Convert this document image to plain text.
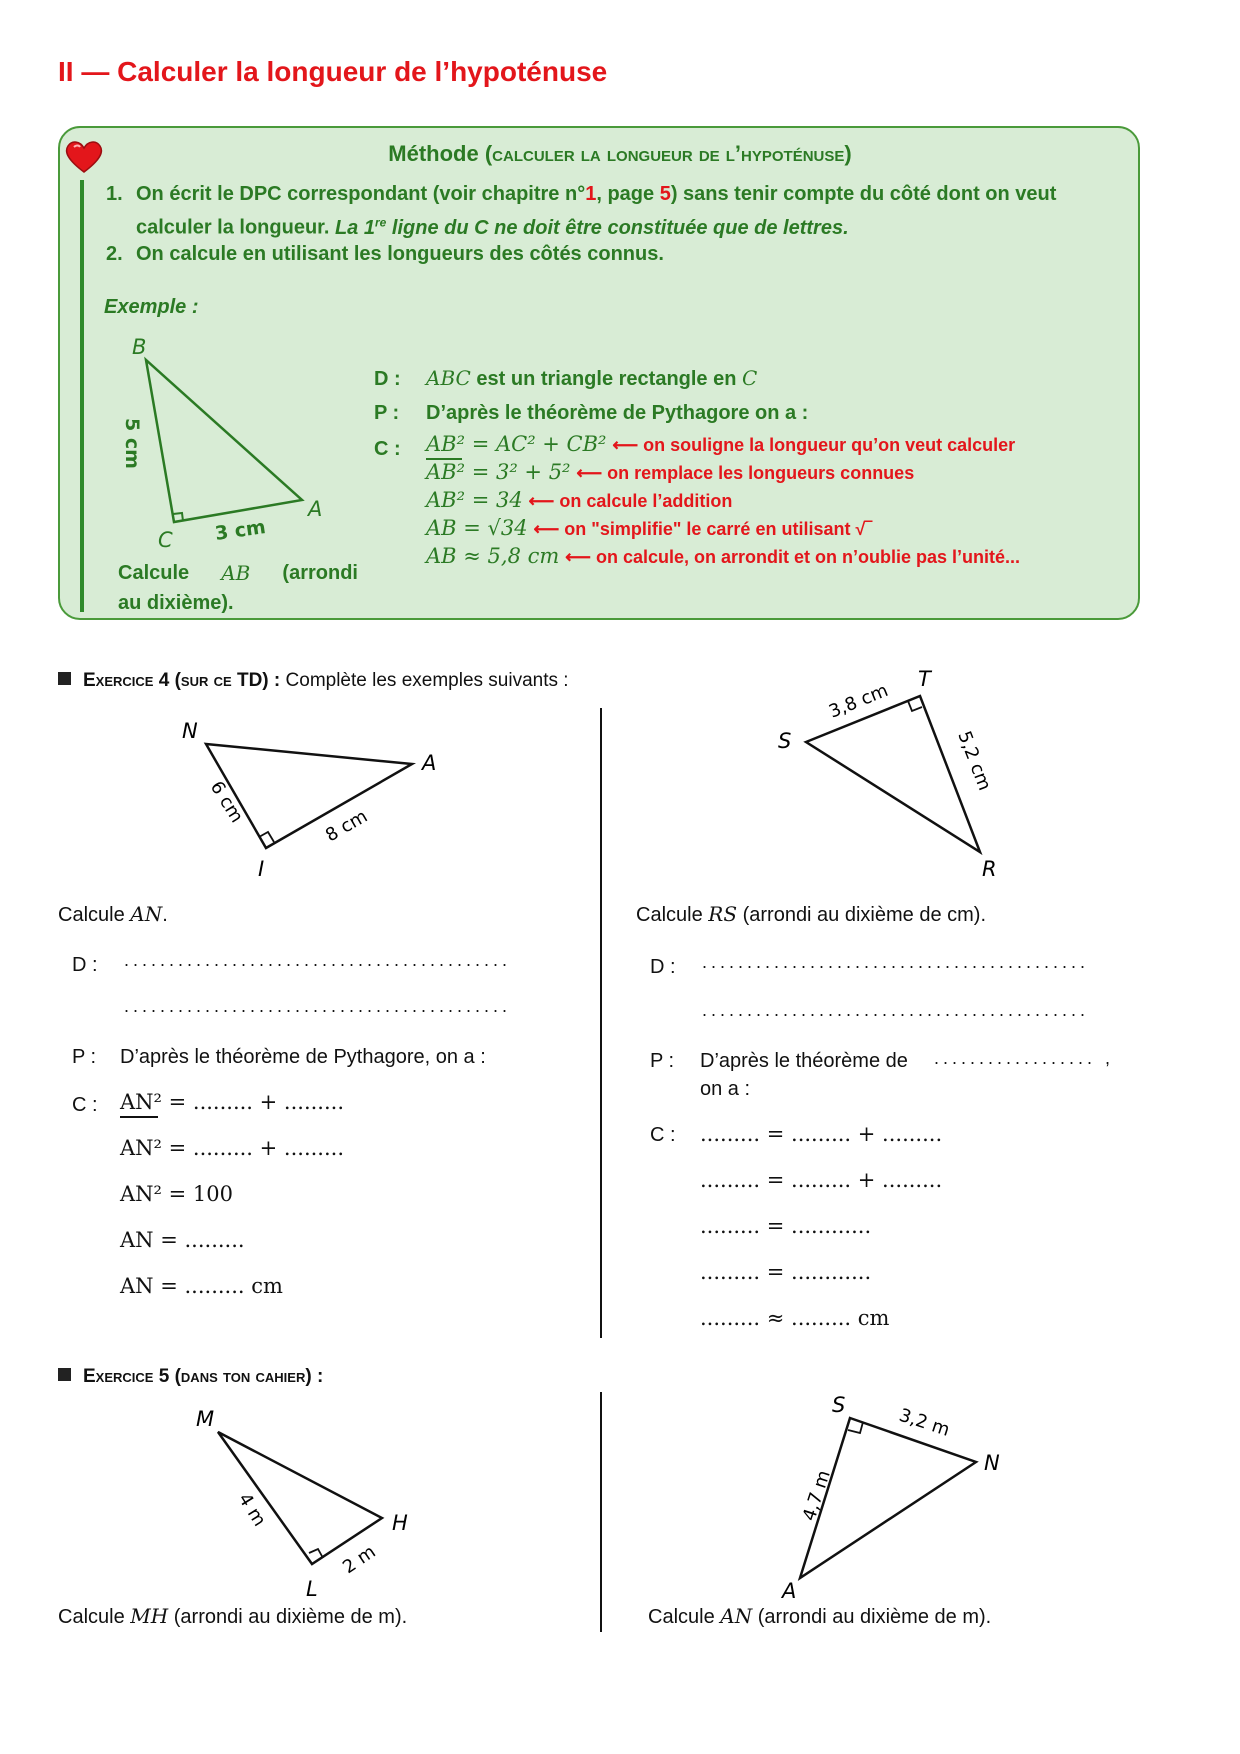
II — Calculer la longueur de l’hypoténuse
Méthode (calculer la longueur de l’hypoténuse)
1. On écrit le DPC correspondant (voir chapitre n°1, page 5) sans tenir compte du côté dont on veut calculer la longueur. La 1re ligne du C ne doit être constituée que de lettres.
2. On calcule en utilisant les longueurs des côtés connus.
Exemple :
B
C
A
5 cm
3 cm
Calcule AB (arrondi
au dixième).
D : ABC est un triangle rectangle en C
P : D’après le théorème de Pythagore on a :
C : AB² = AC² + CB² ⟵ on souligne la longueur qu’on veut calculer
AB² = 3² + 5² ⟵ on remplace les longueurs connues
AB² = 34 ⟵ on calcule l’addition
AB = √34 ⟵ on "simplifie" le carré en utilisant √‾
AB ≈ 5,8 cm ⟵ on calcule, on arrondit et on n’oublie pas l’unité...
Exercice 4 (sur ce TD) : Complète les exemples suivants :
N
A
I
6 cm	8 cm
T
S
R
3,8 cm
5,2 cm
Calcule AN.
D : ...........................................
...........................................
P : D’après le théorème de Pythagore, on a :
C : AN² = ......... + .........
AN² = ......... + .........
AN² = 100
AN = .........
AN = ......... cm
Calcule RS (arrondi au dixième de cm).
D : ...........................................
...........................................
P : D’après le théorème de .................. ,
on a :
C : ......... = ......... + .........
......... = ......... + .........
......... = ............
......... = ............
......... ≈ ......... cm
Exercice 5 (dans ton cahier) :
M
H
L
4 m
2 m
S
N
A
3,2 m
4,7 m
Calcule MH (arrondi au dixième de m).	Calcule AN (arrondi au dixième de m).
